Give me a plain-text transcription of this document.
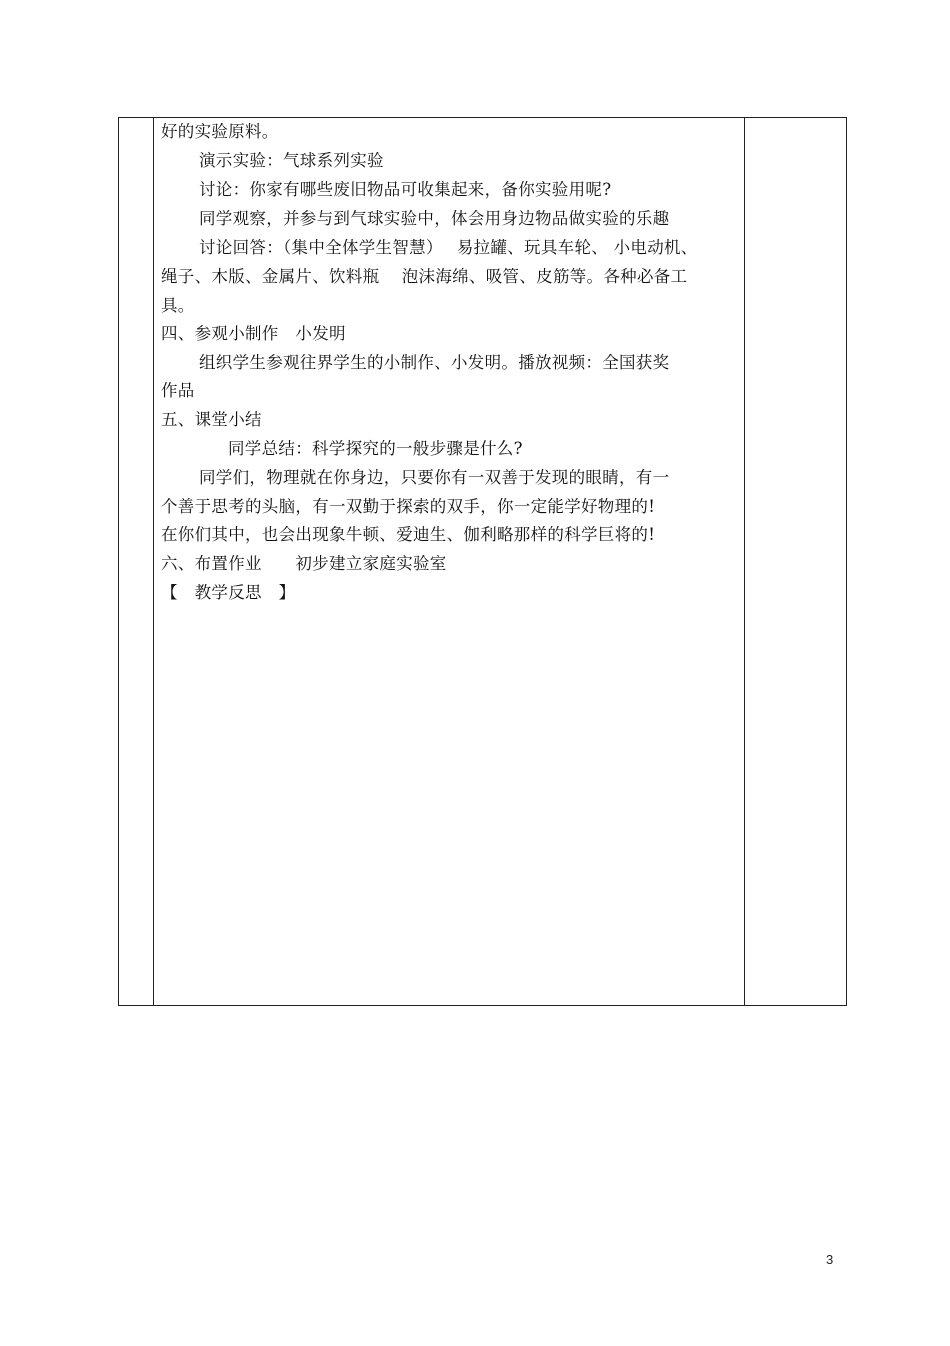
好的实验原料。
演示实验：气球系列实验
讨论：你家有哪些废旧物品可收集起来，备你实验用呢?
同学观察，并参与到气球实验中，体会用身边物品做实验的乐趣
讨论回答：（集中全体学生智慧）　 易拉罐、玩具车轮、 小电动机、
绳子、木版、金属片、饮料瓶　 泡沫海绵、吸管、皮筋等。各种必备工
具。
四、参观小制作　小发明
组织学生参观往界学生的小制作、小发明。播放视频：全国获奖
作品
五、课堂小结
同学总结：科学探究的一般步骤是什么?
同学们，物理就在你身边，只要你有一双善于发现的眼睛，有一
个善于思考的头脑，有一双勤于探索的双手，你一定能学好物理的!
在你们其中，也会出现象牛顿、爱迪生、伽利略那样的科学巨将的!
六、布置作业　　初步建立家庭实验室
【　教学反思　】
3
